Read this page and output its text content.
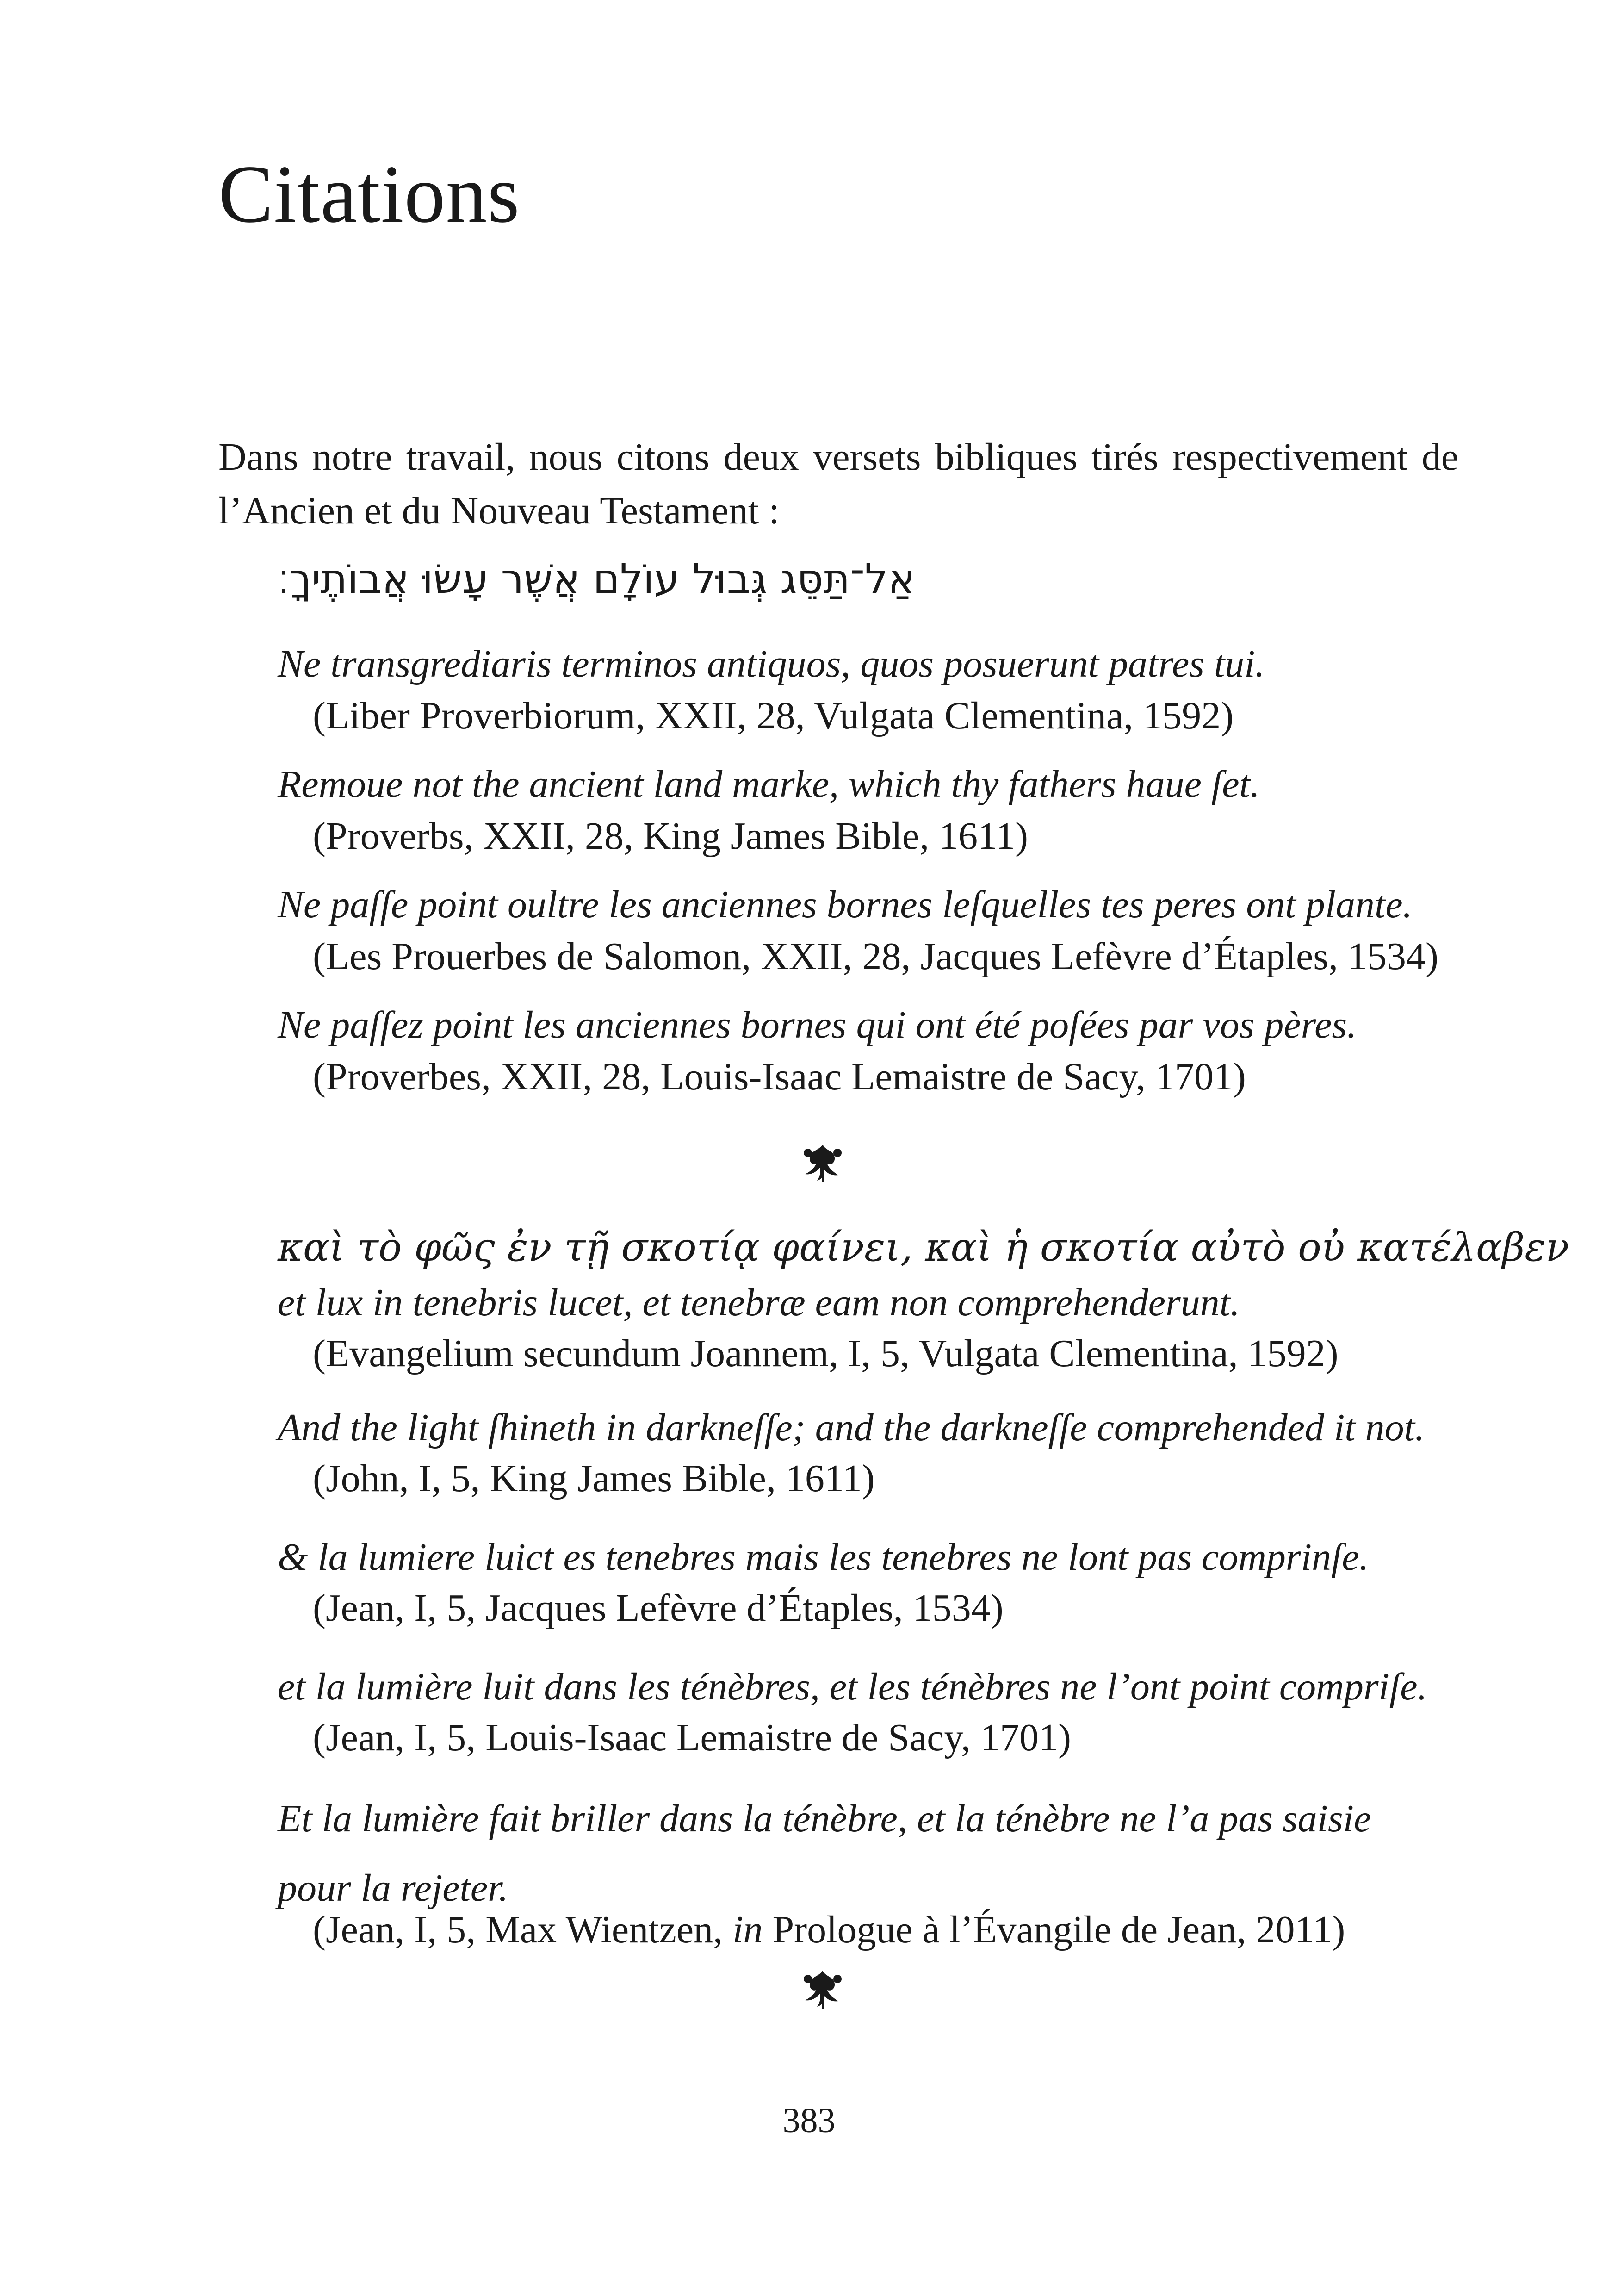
Citations

Dans notre travail, nous citons deux versets bibliques tirés respectivement de l’Ancien et du Nouveau Testament :

אַל־תַּסֵּג גְּבוּל עוֹלָם אֲשֶׁר עָשׂוּ אֲבוֹתֶיךָ׃
Ne transgrediaris terminos antiquos, quos posuerunt patres tui.
(Liber Proverbiorum, XXII, 28, Vulgata Clementina, 1592)
Remoue not the ancient land marke, which thy fathers haue ſet.
(Proverbs, XXII, 28, King James Bible, 1611)
Ne paſſe point oultre les anciennes bornes leſquelles tes peres ont plante.
(Les Prouerbes de Salomon, XXII, 28, Jacques Lefèvre d’Étaples, 1534)
Ne paſſez point les anciennes bornes qui ont été poſées par vos pères.
(Proverbes, XXII, 28, Louis-Isaac Lemaistre de Sacy, 1701)
καὶ τὸ φῶς ἐν τῇ σκοτίᾳ φαίνει, καὶ ἡ σκοτία αὐτὸ οὐ κατέλαβεν
et lux in tenebris lucet, et tenebræ eam non comprehenderunt.
(Evangelium secundum Joannem, I, 5, Vulgata Clementina, 1592)
And the light ſhineth in darkneſſe; and the darkneſſe comprehended it not.
(John, I, 5, King James Bible, 1611)
& la lumiere luict es tenebres mais les tenebres ne lont pas comprinſe.
(Jean, I, 5, Jacques Lefèvre d’Étaples, 1534)
et la lumière luit dans les ténèbres, et les ténèbres ne l’ont point compriſe.
(Jean, I, 5, Louis-Isaac Lemaistre de Sacy, 1701)
Et la lumière fait briller dans la ténèbre, et la ténèbre ne l’a pas saisie pour la rejeter.
(Jean, I, 5, Max Wientzen, in Prologue à l’Évangile de Jean, 2011)
383
